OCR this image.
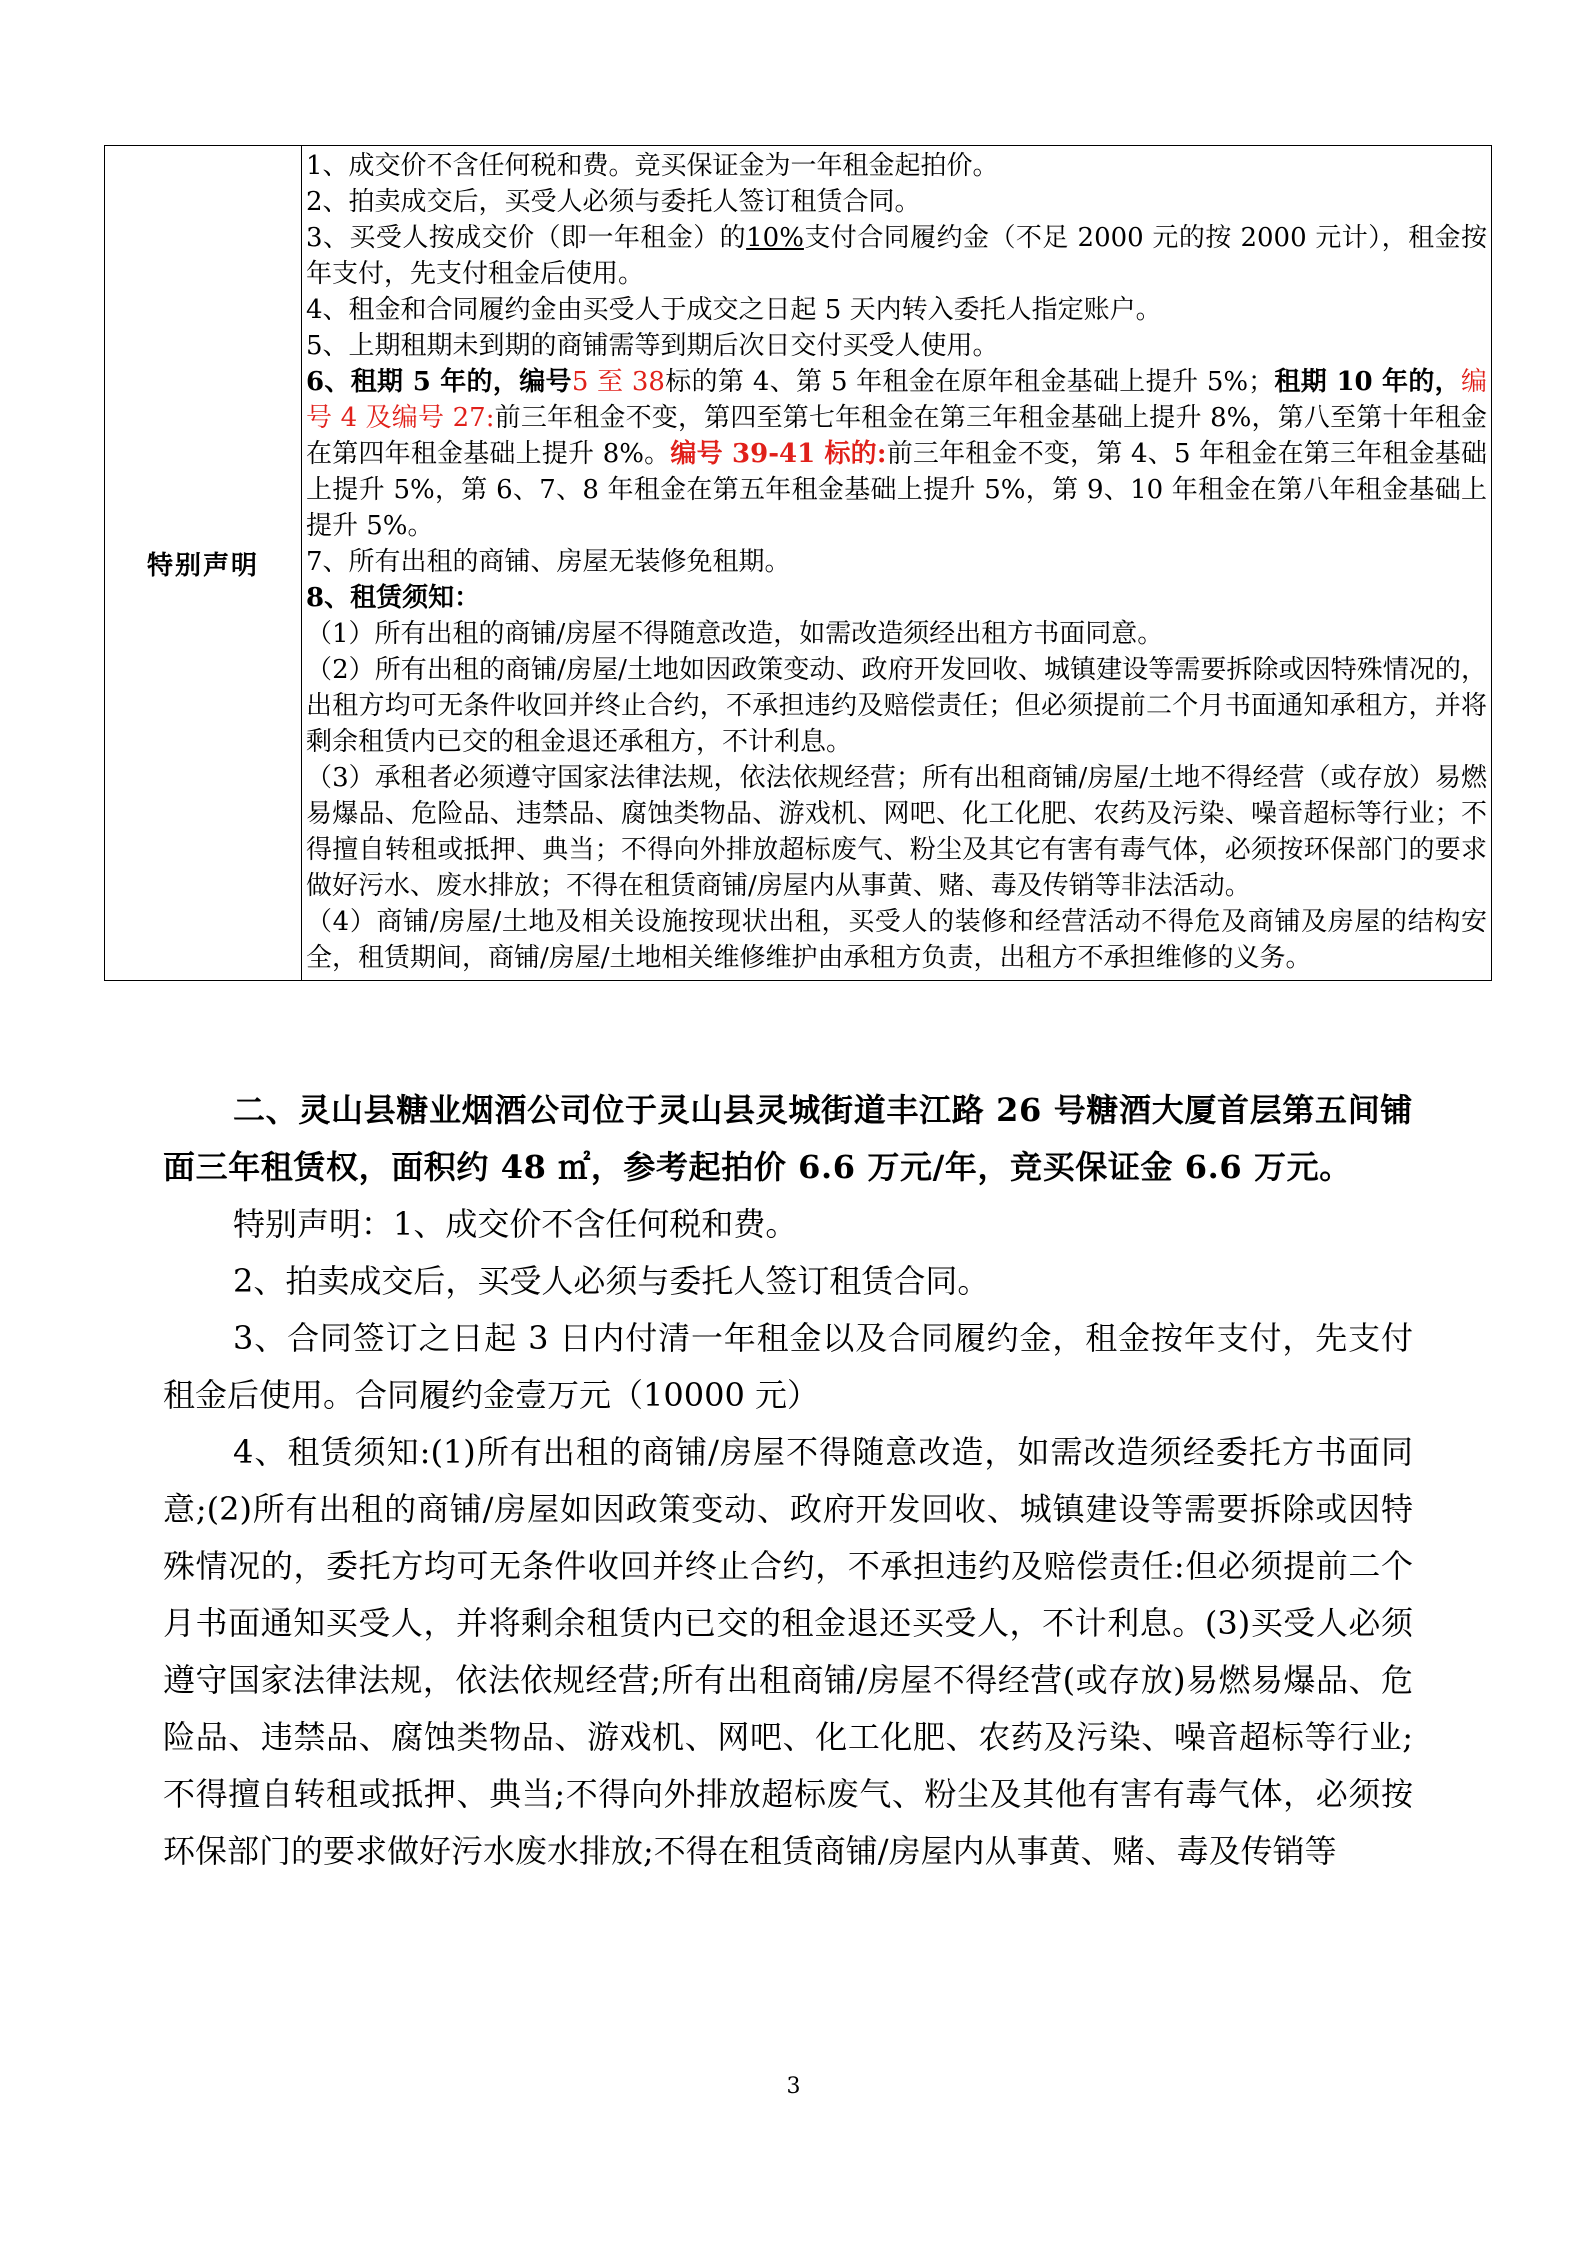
特别声明	
1、成交价不含任何税和费。竞买保证金为一年租金起拍价。
2、拍卖成交后，买受人必须与委托人签订租赁合同。
3、买受人按成交价（即一年租金）的10%支付合同履约金（不足 2000 元的按 2000 元计），租金按年支付，先支付租金后使用。
4、租金和合同履约金由买受人于成交之日起 5 天内转入委托人指定账户。
5、上期租期未到期的商铺需等到期后次日交付买受人使用。
6、租期 5 年的，编号5 至 38标的第 4、第 5 年租金在原年租金基础上提升 5%；租期 10 年的，编号 4 及编号 27:前三年租金不变，第四至第七年租金在第三年租金基础上提升 8%，第八至第十年租金在第四年租金基础上提升 8%。编号 39-41 标的:前三年租金不变，第 4、5 年租金在第三年租金基础上提升 5%，第 6、7、8 年租金在第五年租金基础上提升 5%，第 9、10 年租金在第八年租金基础上提升 5%。
7、所有出租的商铺、房屋无装修免租期。
8、租赁须知：
（1）所有出租的商铺/房屋不得随意改造，如需改造须经出租方书面同意。
（2）所有出租的商铺/房屋/土地如因政策变动、政府开发回收、城镇建设等需要拆除或因特殊情况的，出租方均可无条件收回并终止合约，不承担违约及赔偿责任；但必须提前二个月书面通知承租方，并将剩余租赁内已交的租金退还承租方，不计利息。
（3）承租者必须遵守国家法律法规，依法依规经营；所有出租商铺/房屋/土地不得经营（或存放）易燃易爆品、危险品、违禁品、腐蚀类物品、游戏机、网吧、化工化肥、农药及污染、噪音超标等行业；不得擅自转租或抵押、典当；不得向外排放超标废气、粉尘及其它有害有毒气体，必须按环保部门的要求做好污水、废水排放；不得在租赁商铺/房屋内从事黄、赌、毒及传销等非法活动。
（4）商铺/房屋/土地及相关设施按现状出租，买受人的装修和经营活动不得危及商铺及房屋的结构安全，租赁期间，商铺/房屋/土地相关维修维护由承租方负责，出租方不承担维修的义务。

二、灵山县糖业烟酒公司位于灵山县灵城街道丰江路 26 号糖酒大厦首层第五间铺面三年租赁权，面积约 48 ㎡，参考起拍价 6.6 万元/年，竞买保证金 6.6 万元。

特别声明：1、成交价不含任何税和费。

2、拍卖成交后，买受人必须与委托人签订租赁合同。

3、合同签订之日起 3 日内付清一年租金以及合同履约金，租金按年支付，先支付租金后使用。合同履约金壹万元（10000 元）

4、租赁须知:(1)所有出租的商铺/房屋不得随意改造，如需改造须经委托方书面同意;(2)所有出租的商铺/房屋如因政策变动、政府开发回收、城镇建设等需要拆除或因特殊情况的，委托方均可无条件收回并终止合约，不承担违约及赔偿责任:但必须提前二个月书面通知买受人，并将剩余租赁内已交的租金退还买受人，不计利息。(3)买受人必须遵守国家法律法规，依法依规经营;所有出租商铺/房屋不得经营(或存放)易燃易爆品、危险品、违禁品、腐蚀类物品、游戏机、网吧、化工化肥、农药及污染、噪音超标等行业;不得擅自转租或抵押、典当;不得向外排放超标废气、粉尘及其他有害有毒气体，必须按环保部门的要求做好污水废水排放;不得在租赁商铺/房屋内从事黄、赌、毒及传销等

3
